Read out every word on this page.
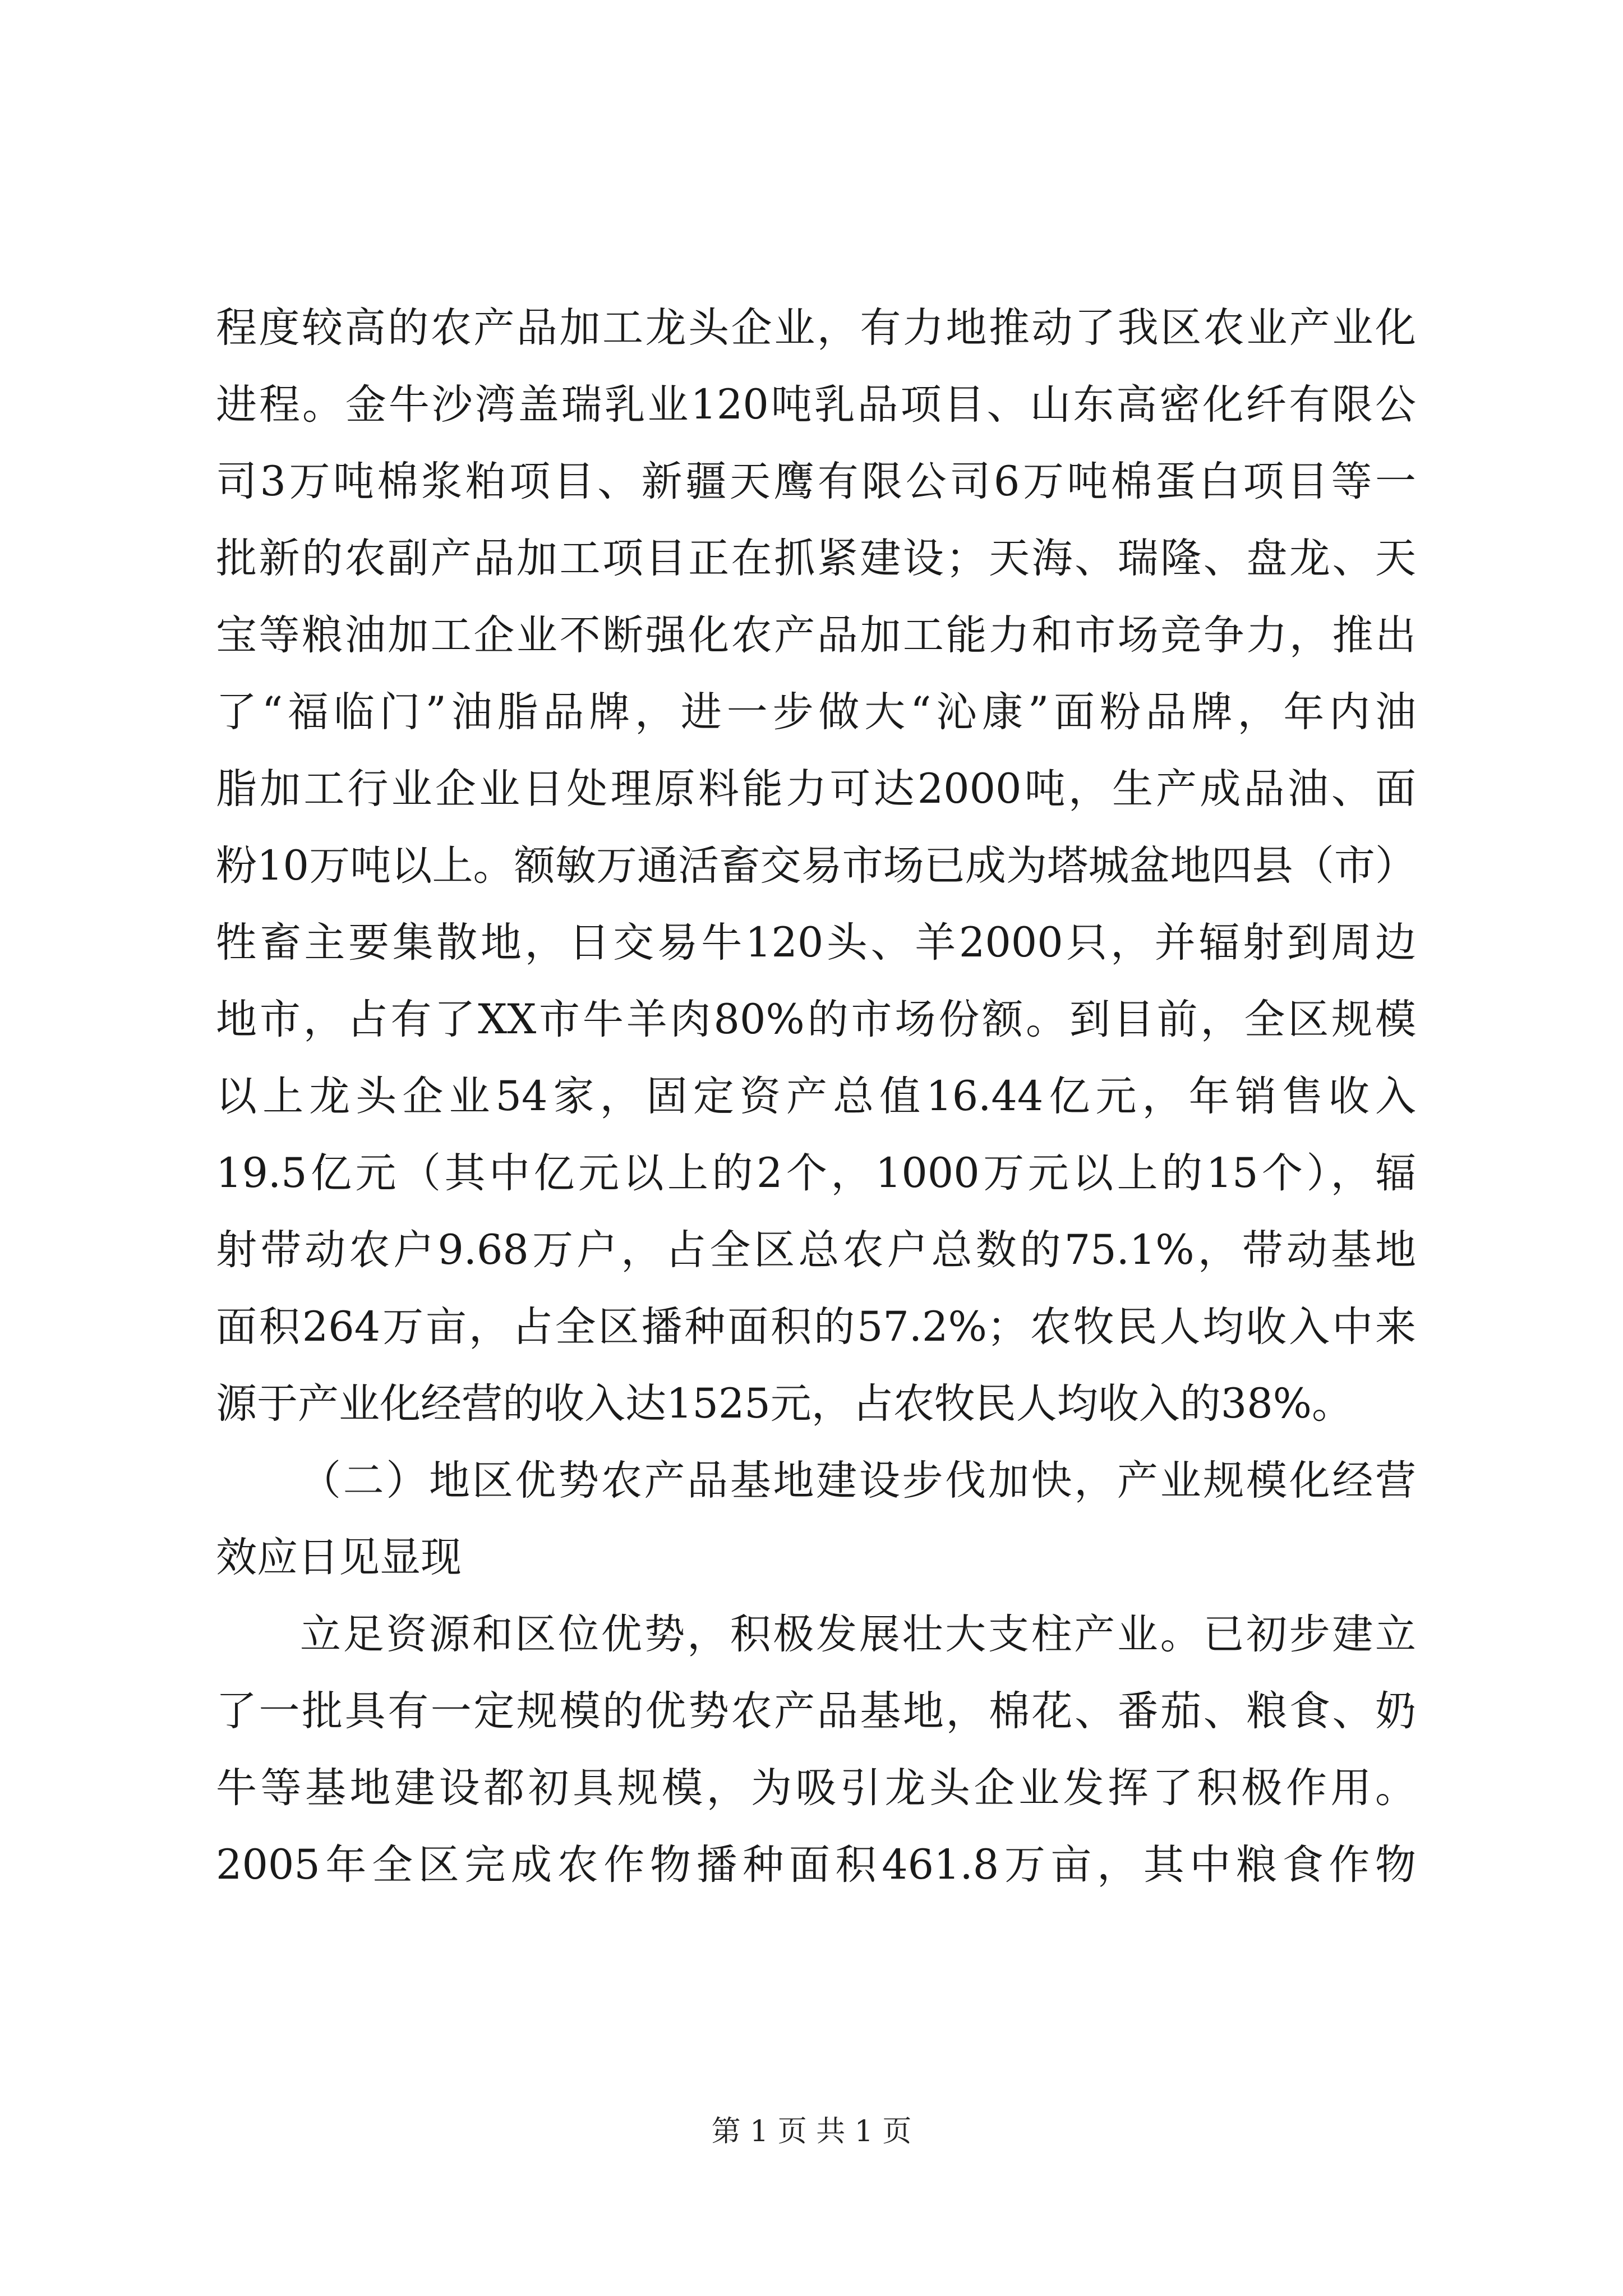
程度较高的农产品加工龙头企业，有力地推动了我区农业产业化
进程。金牛沙湾盖瑞乳业120吨乳品项目、山东高密化纤有限公
司3万吨棉浆粕项目、新疆天鹰有限公司6万吨棉蛋白项目等一
批新的农副产品加工项目正在抓紧建设；天海、瑞隆、盘龙、天
宝等粮油加工企业不断强化农产品加工能力和市场竞争力，推出
了“福临门”油脂品牌，进一步做大“沁康”面粉品牌，年内油
脂加工行业企业日处理原料能力可达2000吨，生产成品油、面
粉10万吨以上。额敏万通活畜交易市场已成为塔城盆地四县（市）
牲畜主要集散地，日交易牛120头、羊2000只，并辐射到周边
地市，占有了XX市牛羊肉80%的市场份额。到目前，全区规模
以上龙头企业54家，固定资产总值16.44亿元，年销售收入
19.5亿元（其中亿元以上的2个，1000万元以上的15个），辐
射带动农户9.68万户，占全区总农户总数的75.1%，带动基地
面积264万亩，占全区播种面积的57.2%；农牧民人均收入中来
源于产业化经营的收入达1525元，占农牧民人均收入的38%。
（二）地区优势农产品基地建设步伐加快，产业规模化经营
效应日见显现
立足资源和区位优势，积极发展壮大支柱产业。已初步建立
了一批具有一定规模的优势农产品基地，棉花、番茄、粮食、奶
牛等基地建设都初具规模，为吸引龙头企业发挥了积极作用。
2005年全区完成农作物播种面积461.8万亩，其中粮食作物
第 1 页 共 1 页
